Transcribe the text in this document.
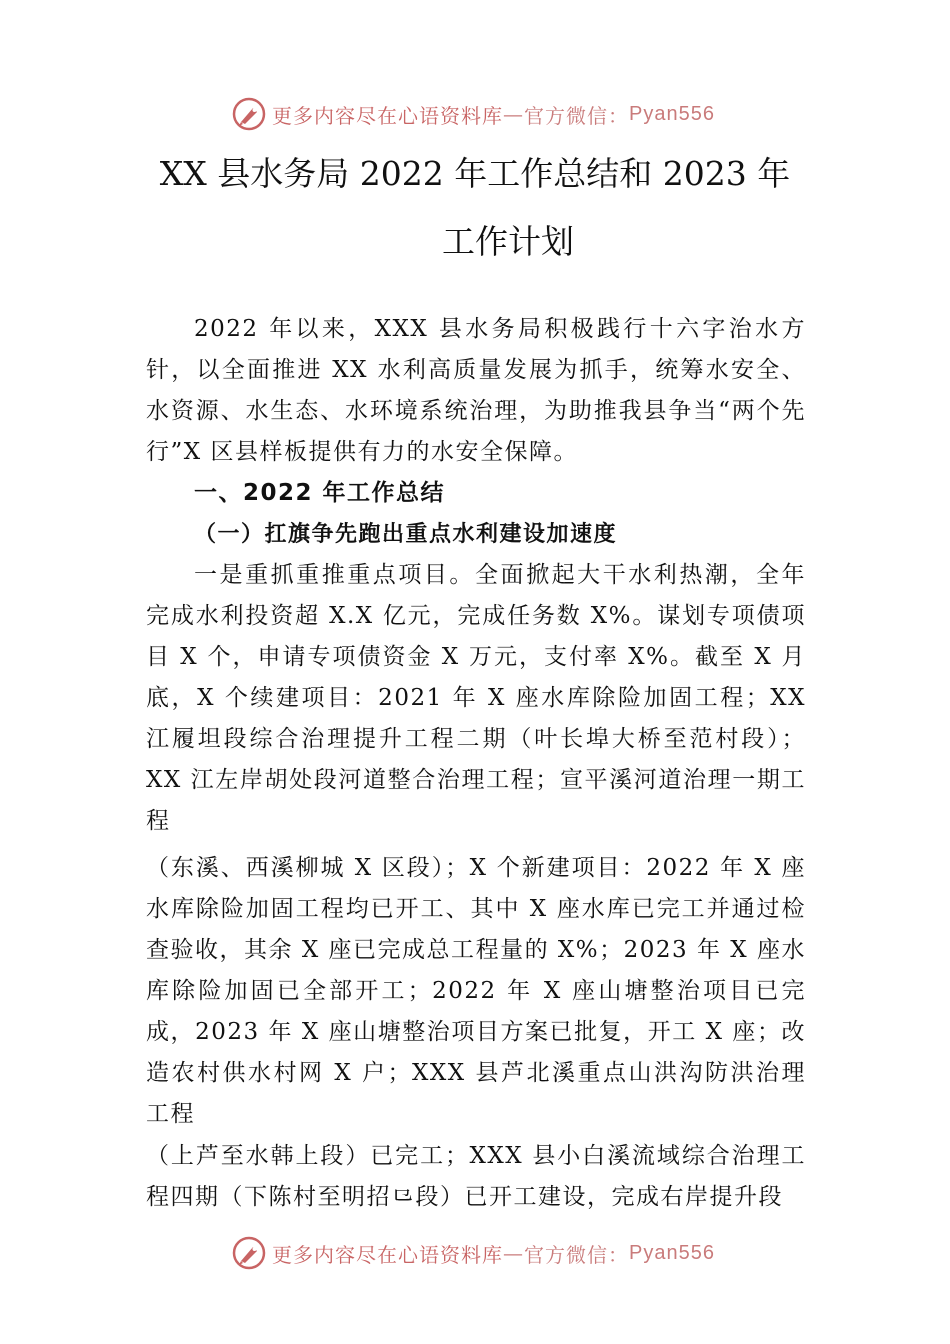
更多内容尽在心语资料库 — 官方微信： Pyan556
XX 县水务局 2022 年工作总结和 2023 年
工作计划

2022 年以来，XXX 县水务局积极践行十六字治水方针，以全面推进 XX 水利高质量发展为抓手，统筹水安全、水资源、水生态、水环境系统治理，为助推我县争当“两个先行”X 区县样板提供有力的水安全保障。

一、2022 年工作总结

（一）扛旗争先跑出重点水利建设加速度

一是重抓重推重点项目。全面掀起大干水利热潮，全年完成水利投资超 X.X 亿元，完成任务数 X%。谋划专项债项目 X 个，申请专项债资金 X 万元，支付率 X%。截至 X 月底，X 个续建项目：2021 年 X 座水库除险加固工程；XX 江履坦段综合治理提升工程二期（叶长埠大桥至范村段）；XX 江左岸胡处段河道整合治理工程；宣平溪河道治理一期工程

（东溪、西溪柳城 X 区段）；X 个新建项目：2022 年 X 座水库除险加固工程均已开工、其中 X 座水库已完工并通过检查验收，其余 X 座已完成总工程量的 X%；2023 年 X 座水库除险加固已全部开工；2022 年 X 座山塘整治项目已完成，2023 年 X 座山塘整治项目方案已批复，开工 X 座；改造农村供水村网 X 户；XXX 县芦北溪重点山洪沟防洪治理工程

（上芦至水韩上段）已完工；XXX 县小白溪流域综合治理工程四期（下陈村至明招⺋段）已开工建设，完成右岸提升段

更多内容尽在心语资料库 — 官方微信： Pyan556
